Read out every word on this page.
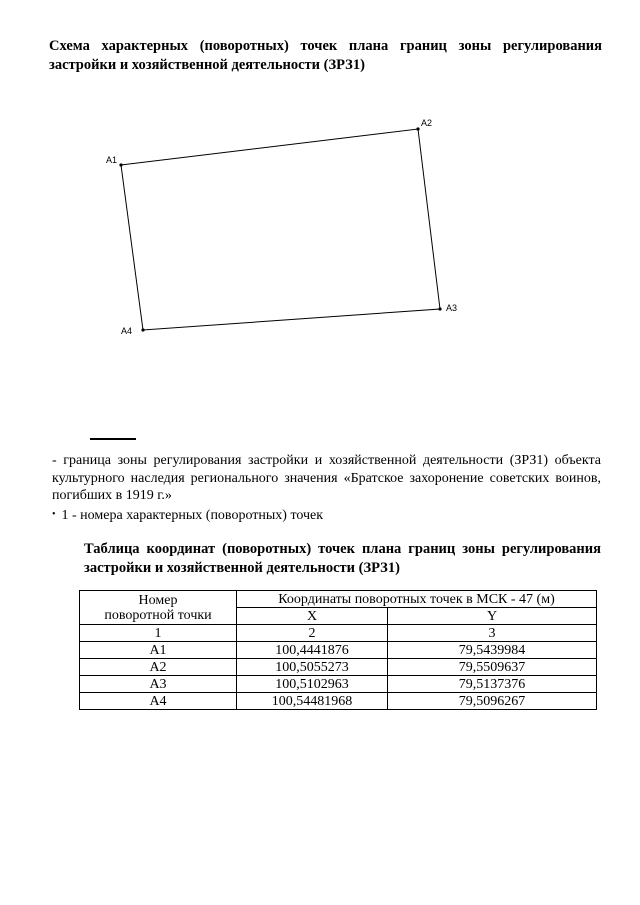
Схема характерных (поворотных) точек плана границ зоны регулирования застройки и хозяйственной деятельности (ЗРЗ1)
A1
A2
A3
A4
- граница зоны регулирования застройки и хозяйственной деятельности (ЗРЗ1) объекта культурного наследия регионального значения «Братское захоронение советских воинов, погибших в 1919 г.»
• 1 - номера характерных (поворотных) точек
Таблица координат (поворотных) точек плана границ зоны регулирования застройки и хозяйственной деятельности (ЗРЗ1)
Номер
поворотной точки	Координаты поворотных точек в МСК - 47 (м)	
	X	Y
1	2	3
A1	100,4441876	79,5439984
A2	100,5055273	79,5509637
A3	100,5102963	79,5137376
A4	100,54481968	79,5096267
